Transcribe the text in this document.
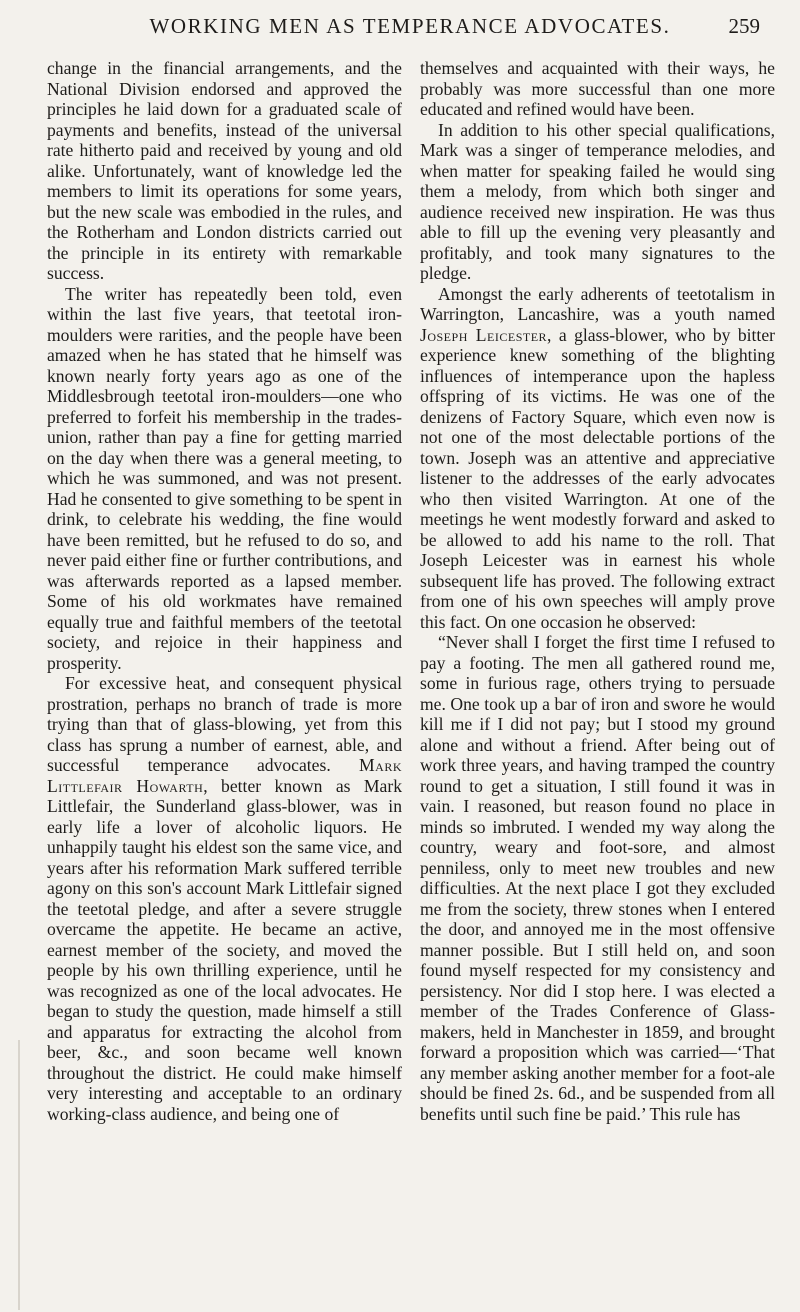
WORKING MEN AS TEMPERANCE ADVOCATES.	259

change in the financial arrangements, and the National Division endorsed and approved the principles he laid down for a graduated scale of payments and benefits, instead of the universal rate hitherto paid and received by young and old alike. Unfortunately, want of knowledge led the members to limit its operations for some years, but the new scale was embodied in the rules, and the Rotherham and London districts carried out the principle in its entirety with remarkable success.

The writer has repeatedly been told, even within the last five years, that teetotal iron-moulders were rarities, and the people have been amazed when he has stated that he himself was known nearly forty years ago as one of the Middlesbrough teetotal iron-moulders—one who preferred to forfeit his membership in the trades-union, rather than pay a fine for getting married on the day when there was a general meeting, to which he was summoned, and was not present. Had he consented to give something to be spent in drink, to celebrate his wedding, the fine would have been remitted, but he refused to do so, and never paid either fine or further contributions, and was afterwards reported as a lapsed member. Some of his old workmates have remained equally true and faithful members of the teetotal society, and rejoice in their happiness and prosperity.

For excessive heat, and consequent physical prostration, perhaps no branch of trade is more trying than that of glass-blowing, yet from this class has sprung a number of earnest, able, and successful temperance advocates. Mark Littlefair Howarth, better known as Mark Littlefair, the Sunderland glass-blower, was in early life a lover of alcoholic liquors. He unhappily taught his eldest son the same vice, and years after his reformation Mark suffered terrible agony on this son's account Mark Littlefair signed the teetotal pledge, and after a severe struggle overcame the appetite. He became an active, earnest member of the society, and moved the people by his own thrilling experience, until he was recognized as one of the local advocates. He began to study the question, made himself a still and apparatus for extracting the alcohol from beer, &c., and soon became well known throughout the district. He could make himself very interesting and acceptable to an ordinary working-class audience, and being one of

themselves and acquainted with their ways, he probably was more successful than one more educated and refined would have been.

In addition to his other special qualifications, Mark was a singer of temperance melodies, and when matter for speaking failed he would sing them a melody, from which both singer and audience received new inspiration. He was thus able to fill up the evening very pleasantly and profitably, and took many signatures to the pledge.

Amongst the early adherents of teetotalism in Warrington, Lancashire, was a youth named Joseph Leicester, a glass-blower, who by bitter experience knew something of the blighting influences of intemperance upon the hapless offspring of its victims. He was one of the denizens of Factory Square, which even now is not one of the most delectable portions of the town. Joseph was an attentive and appreciative listener to the addresses of the early advocates who then visited Warrington. At one of the meetings he went modestly forward and asked to be allowed to add his name to the roll. That Joseph Leicester was in earnest his whole subsequent life has proved. The following extract from one of his own speeches will amply prove this fact. On one occasion he observed:

“Never shall I forget the first time I refused to pay a footing. The men all gathered round me, some in furious rage, others trying to persuade me. One took up a bar of iron and swore he would kill me if I did not pay; but I stood my ground alone and without a friend. After being out of work three years, and having tramped the country round to get a situation, I still found it was in vain. I reasoned, but reason found no place in minds so imbruted. I wended my way along the country, weary and foot-sore, and almost penniless, only to meet new troubles and new difficulties. At the next place I got they excluded me from the society, threw stones when I entered the door, and annoyed me in the most offensive manner possible. But I still held on, and soon found myself respected for my consistency and persistency. Nor did I stop here. I was elected a member of the Trades Conference of Glass-makers, held in Manchester in 1859, and brought forward a proposition which was carried—‘That any member asking another member for a foot-ale should be fined 2s. 6d., and be suspended from all benefits until such fine be paid.’ This rule has
